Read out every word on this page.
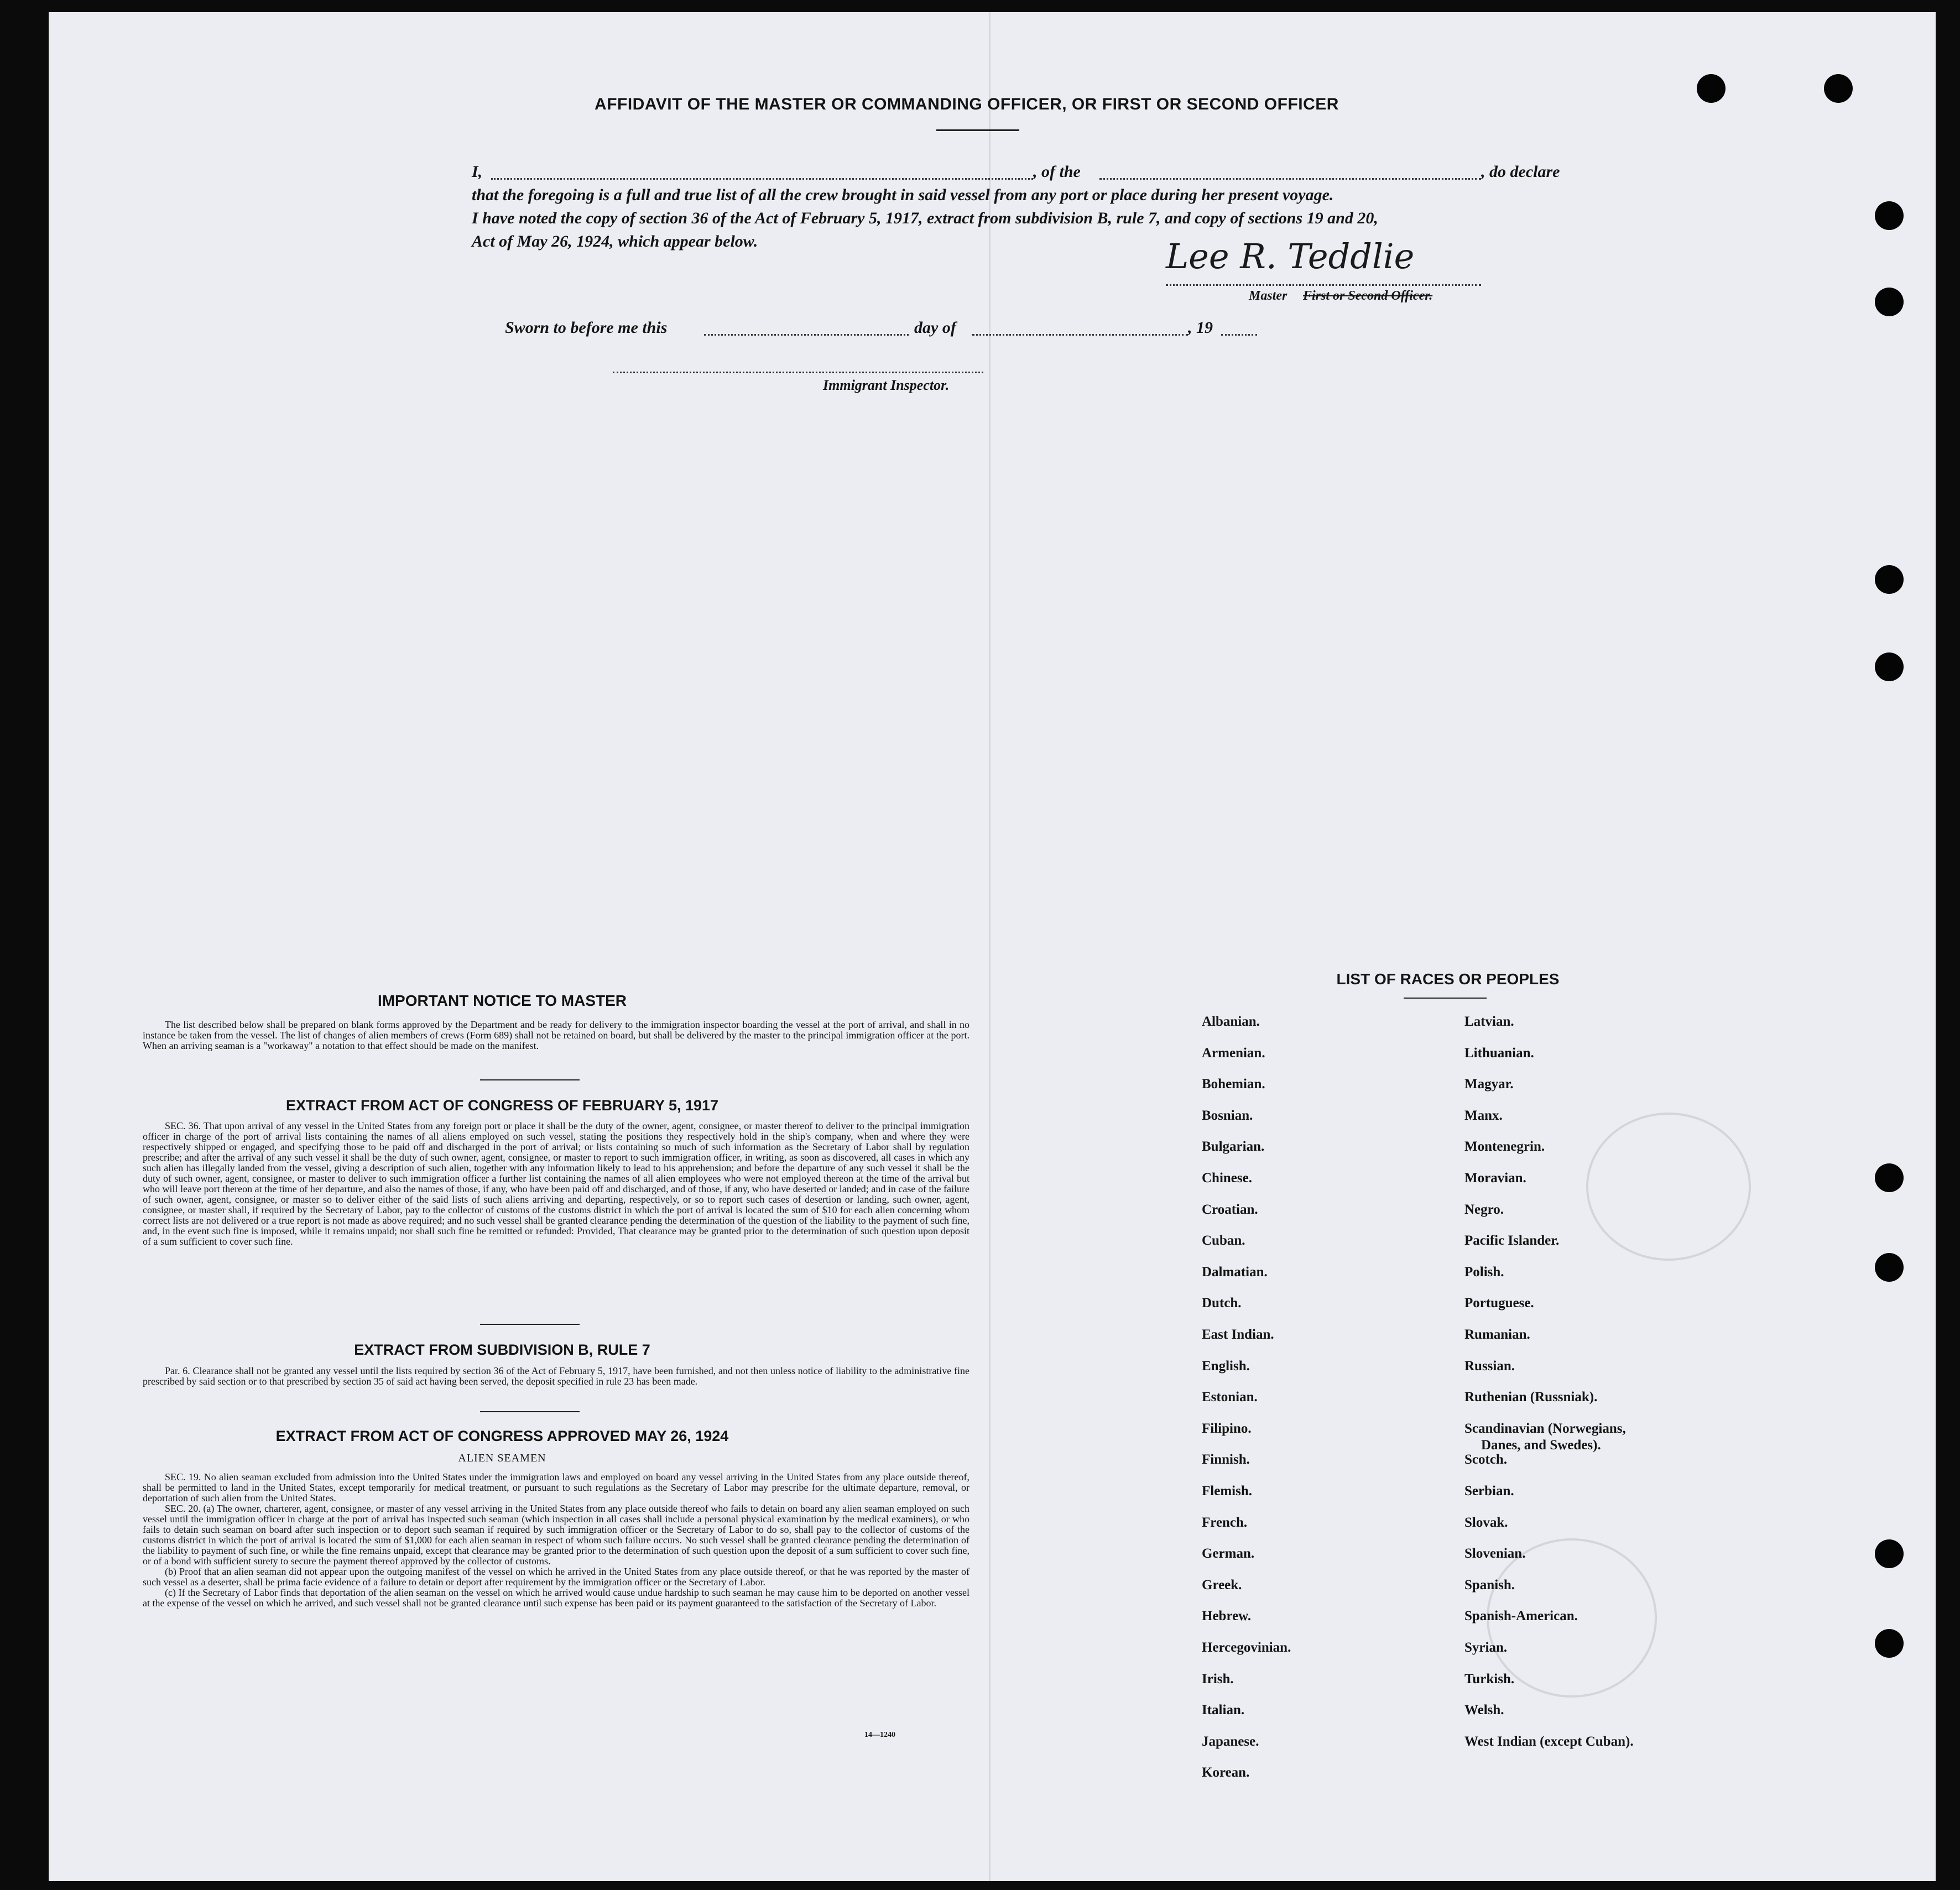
AFFIDAVIT OF THE MASTER OR COMMANDING OFFICER, OR FIRST OR SECOND OFFICER
I,	, of the	, do declare
that the foregoing is a full and true list of all the crew brought in said vessel from any port or place during her present voyage.
I have noted the copy of section 36 of the Act of February 5, 1917, extract from subdivision B, rule 7, and copy of sections 19 and 20,
Act of May 26, 1924, which appear below.	Lee R. Teddlie
Master First or Second Officer.
Sworn to before me this	day of	, 19
Immigrant Inspector.
IMPORTANT NOTICE TO MASTER

The list described below shall be prepared on blank forms approved by the Department and be ready for delivery to the immigration inspector boarding the vessel at the port of arrival, and shall in no instance be taken from the vessel. The list of changes of alien members of crews (Form 689) shall not be retained on board, but shall be delivered by the master to the principal immigration officer at the port. When an arriving seaman is a "workaway" a notation to that effect should be made on the manifest.

EXTRACT FROM ACT OF CONGRESS OF FEBRUARY 5, 1917

SEC. 36. That upon arrival of any vessel in the United States from any foreign port or place it shall be the duty of the owner, agent, consignee, or master thereof to deliver to the principal immigration officer in charge of the port of arrival lists containing the names of all aliens employed on such vessel, stating the positions they respectively hold in the ship's company, when and where they were respectively shipped or engaged, and specifying those to be paid off and discharged in the port of arrival; or lists containing so much of such information as the Secretary of Labor shall by regulation prescribe; and after the arrival of any such vessel it shall be the duty of such owner, agent, consignee, or master to report to such immigration officer, in writing, as soon as discovered, all cases in which any such alien has illegally landed from the vessel, giving a description of such alien, together with any information likely to lead to his apprehension; and before the departure of any such vessel it shall be the duty of such owner, agent, consignee, or master to deliver to such immigration officer a further list containing the names of all alien employees who were not employed thereon at the time of the arrival but who will leave port thereon at the time of her departure, and also the names of those, if any, who have been paid off and discharged, and of those, if any, who have deserted or landed; and in case of the failure of such owner, agent, consignee, or master so to deliver either of the said lists of such aliens arriving and departing, respectively, or so to report such cases of desertion or landing, such owner, agent, consignee, or master shall, if required by the Secretary of Labor, pay to the collector of customs of the customs district in which the port of arrival is located the sum of $10 for each alien concerning whom correct lists are not delivered or a true report is not made as above required; and no such vessel shall be granted clearance pending the determination of the question of the liability to the payment of such fine, and, in the event such fine is imposed, while it remains unpaid; nor shall such fine be remitted or refunded: Provided, That clearance may be granted prior to the determination of such question upon deposit of a sum sufficient to cover such fine.

EXTRACT FROM SUBDIVISION B, RULE 7

Par. 6. Clearance shall not be granted any vessel until the lists required by section 36 of the Act of February 5, 1917, have been furnished, and not then unless notice of liability to the administrative fine prescribed by said section or to that prescribed by section 35 of said act having been served, the deposit specified in rule 23 has been made.

EXTRACT FROM ACT OF CONGRESS APPROVED MAY 26, 1924
ALIEN SEAMEN

SEC. 19. No alien seaman excluded from admission into the United States under the immigration laws and employed on board any vessel arriving in the United States from any place outside thereof, shall be permitted to land in the United States, except temporarily for medical treatment, or pursuant to such regulations as the Secretary of Labor may prescribe for the ultimate departure, removal, or deportation of such alien from the United States.

SEC. 20. (a) The owner, charterer, agent, consignee, or master of any vessel arriving in the United States from any place outside thereof who fails to detain on board any alien seaman employed on such vessel until the immigration officer in charge at the port of arrival has inspected such seaman (which inspection in all cases shall include a personal physical examination by the medical examiners), or who fails to detain such seaman on board after such inspection or to deport such seaman if required by such immigration officer or the Secretary of Labor to do so, shall pay to the collector of customs of the customs district in which the port of arrival is located the sum of $1,000 for each alien seaman in respect of whom such failure occurs. No such vessel shall be granted clearance pending the determination of the liability to payment of such fine, or while the fine remains unpaid, except that clearance may be granted prior to the determination of such question upon the deposit of a sum sufficient to cover such fine, or of a bond with sufficient surety to secure the payment thereof approved by the collector of customs.

(b) Proof that an alien seaman did not appear upon the outgoing manifest of the vessel on which he arrived in the United States from any place outside thereof, or that he was reported by the master of such vessel as a deserter, shall be prima facie evidence of a failure to detain or deport after requirement by the immigration officer or the Secretary of Labor.

(c) If the Secretary of Labor finds that deportation of the alien seaman on the vessel on which he arrived would cause undue hardship to such seaman he may cause him to be deported on another vessel at the expense of the vessel on which he arrived, and such vessel shall not be granted clearance until such expense has been paid or its payment guaranteed to the satisfaction of the Secretary of Labor.

14—1240
LIST OF RACES OR PEOPLES
Albanian.
Armenian.
Bohemian.
Bosnian.
Bulgarian.
Chinese.
Croatian.
Cuban.
Dalmatian.
Dutch.
East Indian.
English.
Estonian.
Filipino.
Finnish.
Flemish.
French.
German.
Greek.
Hebrew.
Hercegovinian.
Irish.
Italian.
Japanese.
Korean.
Latvian.
Lithuanian.
Magyar.
Manx.
Montenegrin.
Moravian.
Negro.
Pacific Islander.
Polish.
Portuguese.
Rumanian.
Russian.
Ruthenian (Russniak).
Scandinavian (Norwegians,
Danes, and Swedes).
Scotch.
Serbian.
Slovak.
Slovenian.
Spanish.
Spanish-American.
Syrian.
Turkish.
Welsh.
West Indian (except Cuban).
